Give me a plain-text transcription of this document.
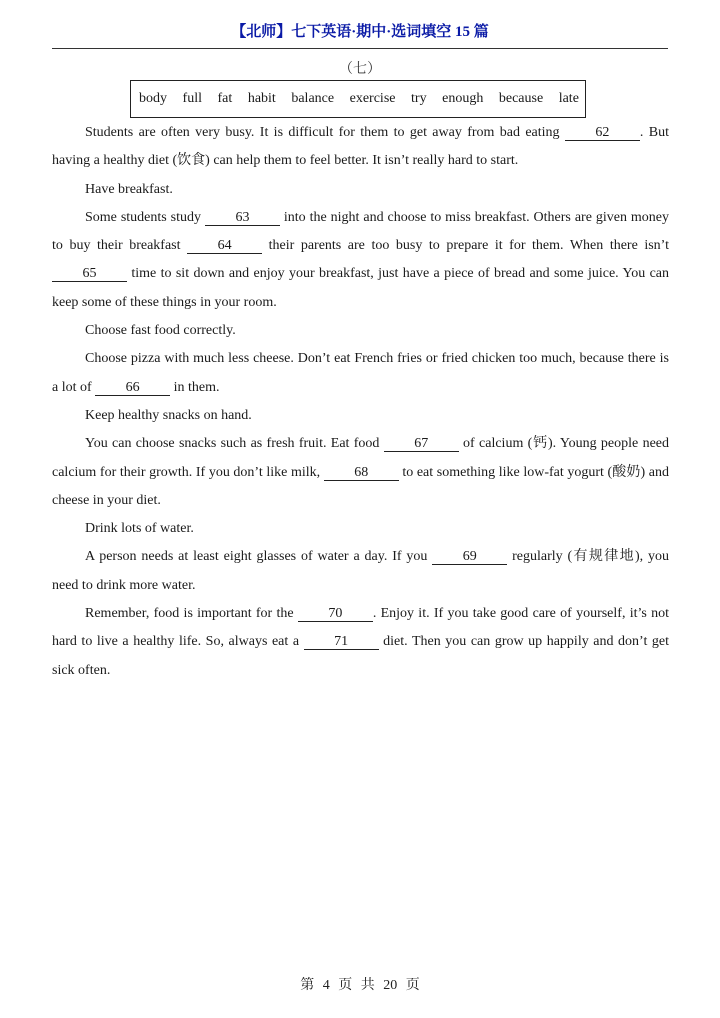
【北师】七下英语·期中·选词填空 15 篇
（七）
body full fat habit balance exercise try enough because late

Students are often very busy. It is difficult for them to get away from bad eating 62 . But having a healthy diet (饮食) can help them to feel better. It isn’t really hard to start.

Have breakfast.

Some students study 63 into the night and choose to miss breakfast. Others are given money to buy their breakfast 64 their parents are too busy to prepare it for them. When there isn’t 65 time to sit down and enjoy your breakfast, just have a piece of bread and some juice. You can keep some of these things in your room.

Choose fast food correctly.

Choose pizza with much less cheese. Don’t eat French fries or fried chicken too much, because there is a lot of 66 in them.

Keep healthy snacks on hand.

You can choose snacks such as fresh fruit. Eat food 67 of calcium (钙). Young people need calcium for their growth. If you don’t like milk, 68 to eat something like low-fat yogurt (酸奶) and cheese in your diet.

Drink lots of water.

A person needs at least eight glasses of water a day. If you 69 regularly (有规律地), you need to drink more water.

Remember, food is important for the 70 . Enjoy it. If you take good care of yourself, it’s not hard to live a healthy life. So, always eat a 71 diet. Then you can grow up happily and don’t get sick often.

第 4 页 共 20 页
